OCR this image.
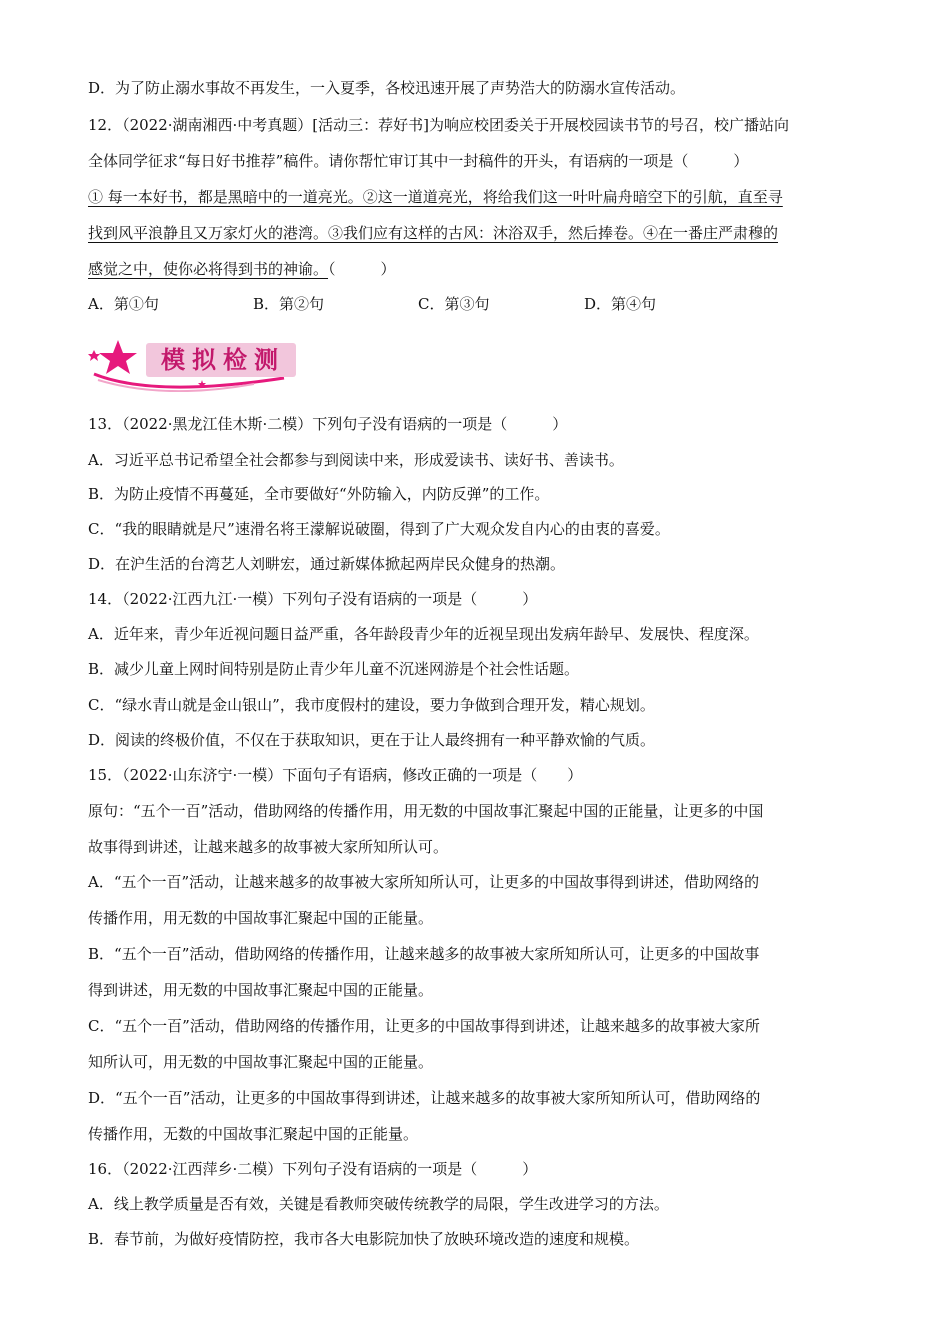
D．为了防止溺水事故不再发生，一入夏季，各校迅速开展了声势浩大的防溺水宣传活动。
12．（2022·湖南湘西·中考真题）[活动三：荐好书]为响应校团委关于开展校园读书节的号召，校广播站向
全体同学征求“每日好书推荐”稿件。请你帮忙审订其中一封稿件的开头，有语病的一项是（　　　）
① 每一本好书，都是黑暗中的一道亮光。②这一道道亮光，将给我们这一叶叶扁舟暗空下的引航，直至寻
找到风平浪静且又万家灯火的港湾。③我们应有这样的古风：沐浴双手，然后捧卷。④在一番庄严肃穆的
感觉之中，使你必将得到书的神谕。（　　　）
A．第①句	B．第②句	C．第③句	D．第④句
模拟检测
13．（2022·黑龙江佳木斯·二模）下列句子没有语病的一项是（　　　）
A．习近平总书记希望全社会都参与到阅读中来，形成爱读书、读好书、善读书。
B．为防止疫情不再蔓延，全市要做好“外防输入，内防反弹”的工作。
C．“我的眼睛就是尺”速滑名将王濛解说破圈，得到了广大观众发自内心的由衷的喜爱。
D．在沪生活的台湾艺人刘畊宏，通过新媒体掀起两岸民众健身的热潮。
14．（2022·江西九江·一模）下列句子没有语病的一项是（　　　）
A．近年来，青少年近视问题日益严重，各年龄段青少年的近视呈现出发病年龄早、发展快、程度深。
B．减少儿童上网时间特别是防止青少年儿童不沉迷网游是个社会性话题。
C．“绿水青山就是金山银山”，我市度假村的建设，要力争做到合理开发，精心规划。
D．阅读的终极价值，不仅在于获取知识，更在于让人最终拥有一种平静欢愉的气质。
15．（2022·山东济宁·一模）下面句子有语病，修改正确的一项是（　　）
原句：“五个一百”活动，借助网络的传播作用，用无数的中国故事汇聚起中国的正能量，让更多的中国
故事得到讲述，让越来越多的故事被大家所知所认可。
A．“五个一百”活动，让越来越多的故事被大家所知所认可，让更多的中国故事得到讲述，借助网络的
传播作用，用无数的中国故事汇聚起中国的正能量。
B．“五个一百”活动，借助网络的传播作用，让越来越多的故事被大家所知所认可，让更多的中国故事
得到讲述，用无数的中国故事汇聚起中国的正能量。
C．“五个一百”活动，借助网络的传播作用，让更多的中国故事得到讲述，让越来越多的故事被大家所
知所认可，用无数的中国故事汇聚起中国的正能量。
D．“五个一百”活动，让更多的中国故事得到讲述，让越来越多的故事被大家所知所认可，借助网络的
传播作用，无数的中国故事汇聚起中国的正能量。
16．（2022·江西萍乡·二模）下列句子没有语病的一项是（　　　）
A．线上教学质量是否有效，关键是看教师突破传统教学的局限，学生改进学习的方法。
B．春节前，为做好疫情防控，我市各大电影院加快了放映环境改造的速度和规模。
